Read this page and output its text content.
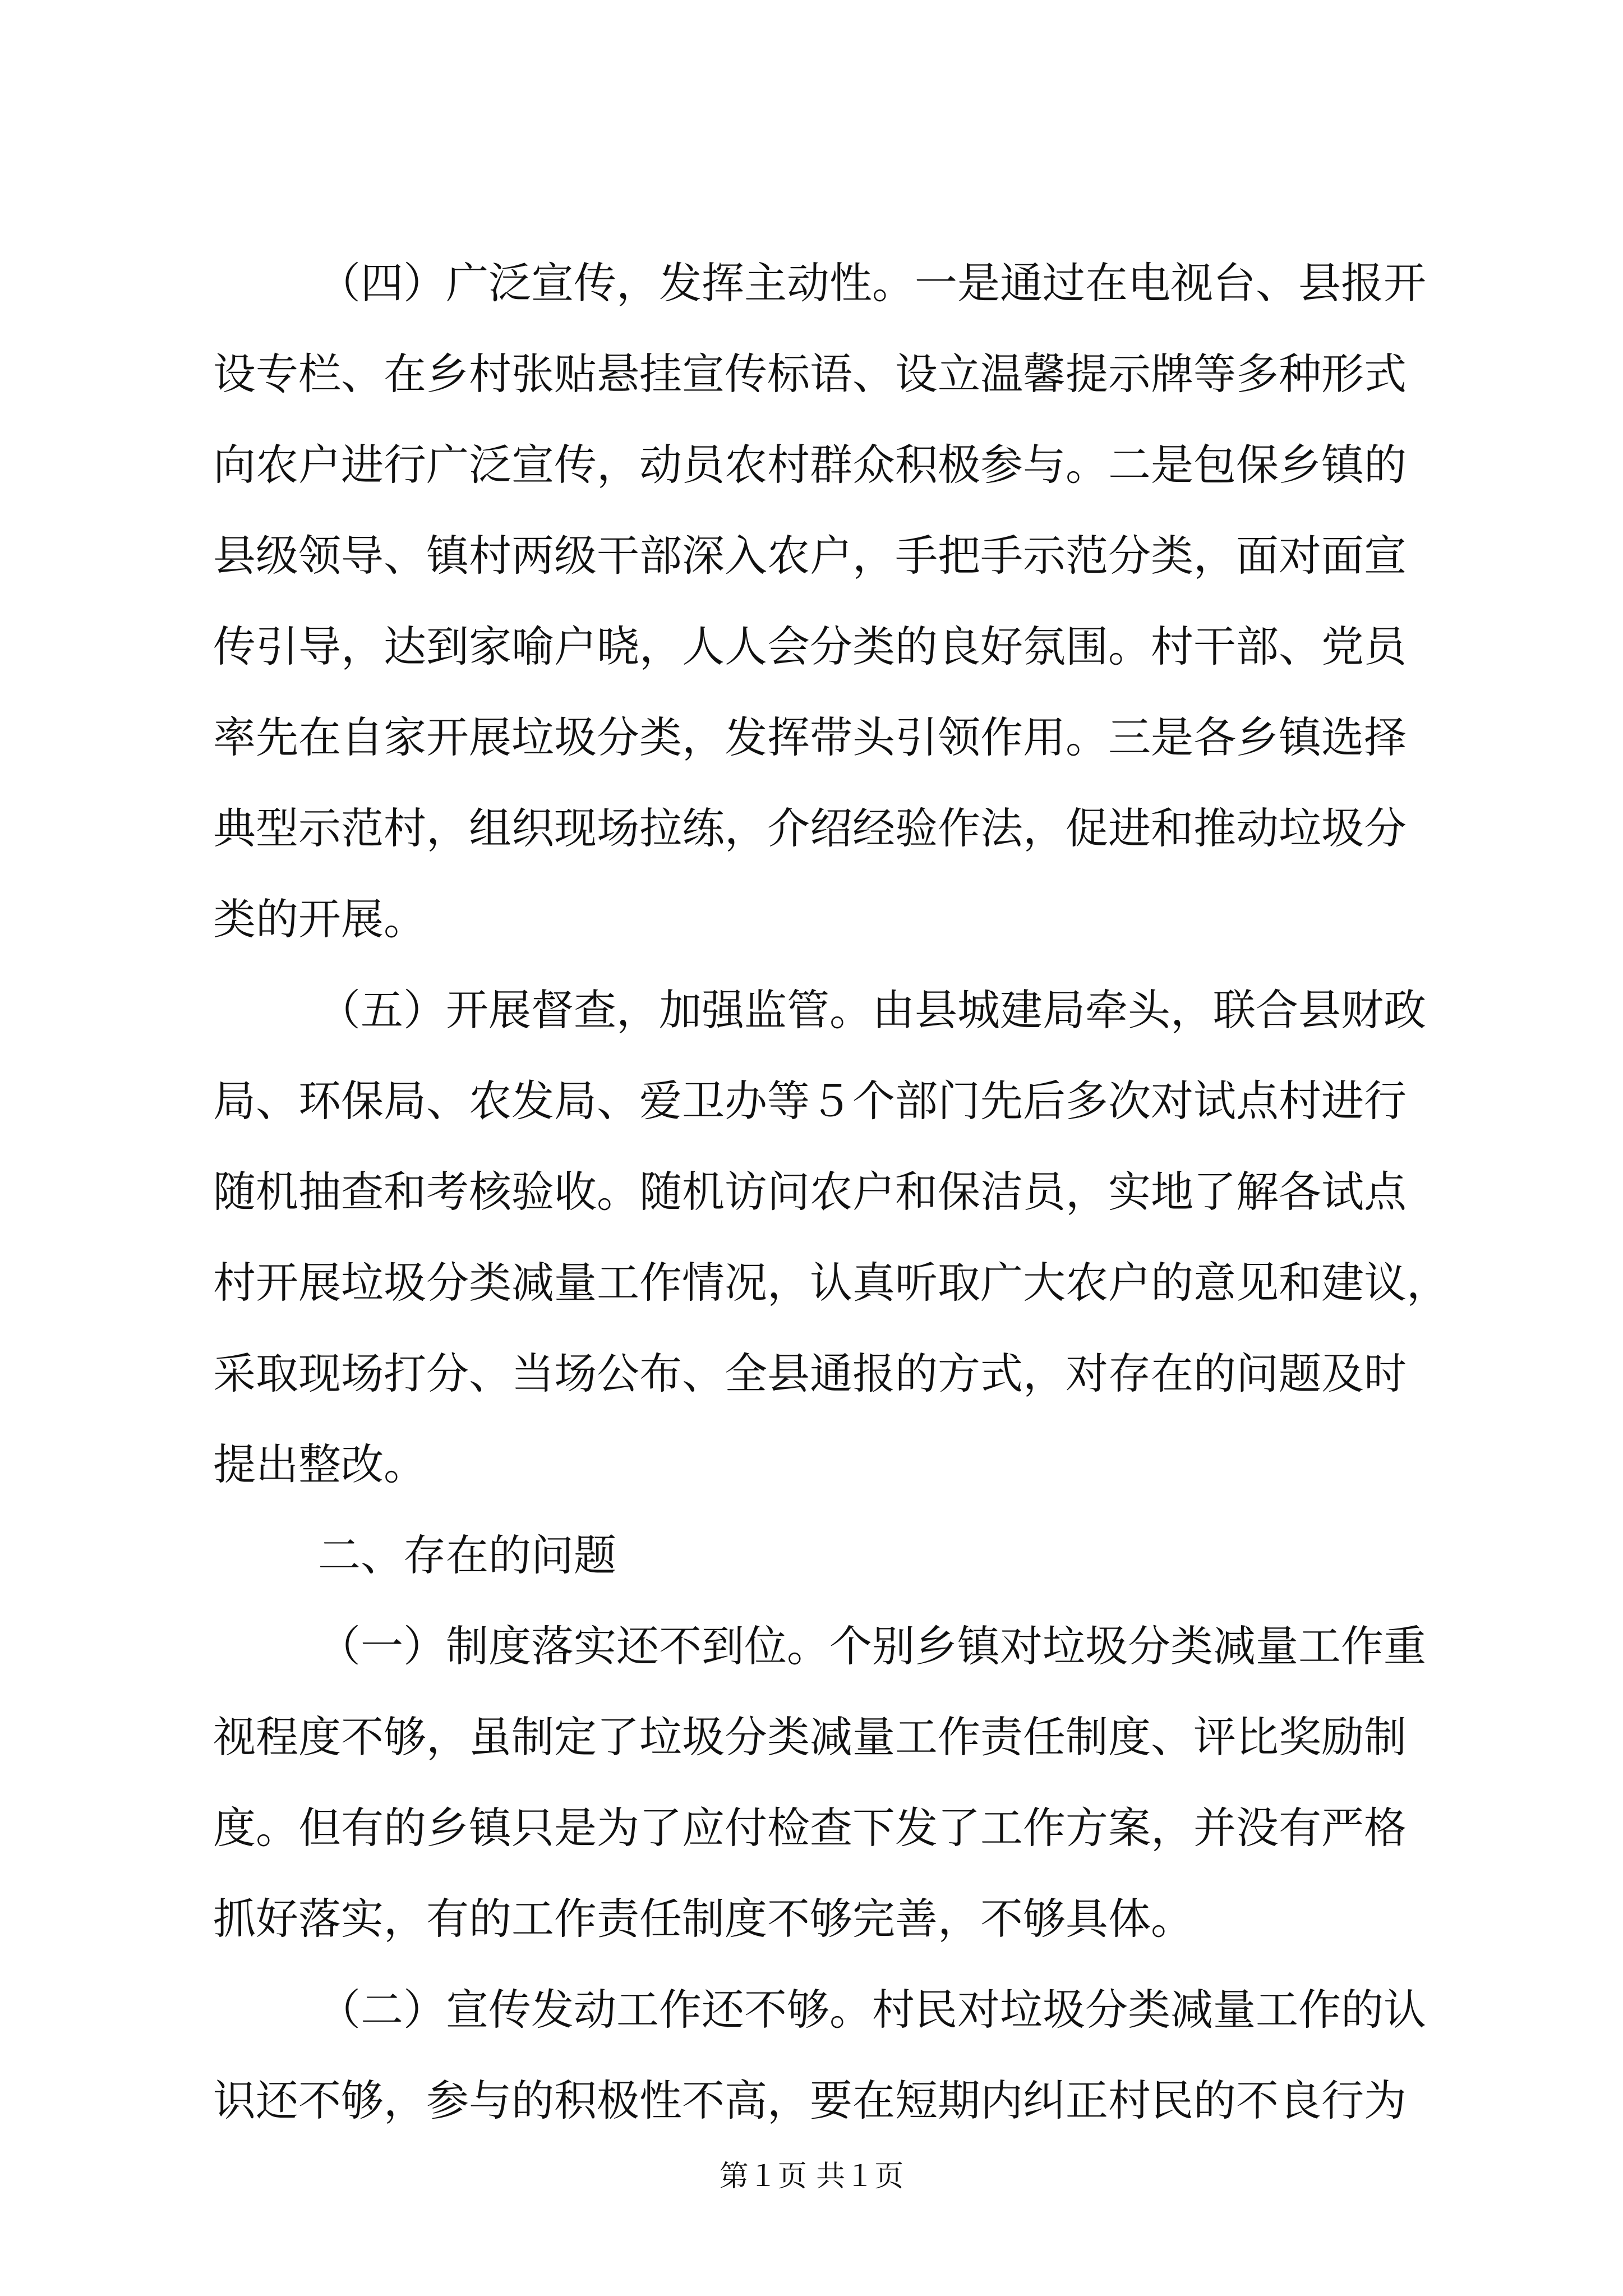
（四）广泛宣传，发挥主动性。一是通过在电视台、县报开
设专栏、在乡村张贴悬挂宣传标语、设立温馨提示牌等多种形式
向农户进行广泛宣传，动员农村群众积极参与。二是包保乡镇的
县级领导、镇村两级干部深入农户，手把手示范分类，面对面宣
传引导，达到家喻户晓，人人会分类的良好氛围。村干部、党员
率先在自家开展垃圾分类，发挥带头引领作用。三是各乡镇选择
典型示范村，组织现场拉练，介绍经验作法，促进和推动垃圾分
类的开展。
（五）开展督查，加强监管。由县城建局牵头，联合县财政
局、环保局、农发局、爱卫办等５个部门先后多次对试点村进行
随机抽查和考核验收。随机访问农户和保洁员，实地了解各试点
村开展垃圾分类减量工作情况，认真听取广大农户的意见和建议，
采取现场打分、当场公布、全县通报的方式，对存在的问题及时
提出整改。
二、存在的问题
（一）制度落实还不到位。个别乡镇对垃圾分类减量工作重
视程度不够，虽制定了垃圾分类减量工作责任制度、评比奖励制
度。但有的乡镇只是为了应付检查下发了工作方案，并没有严格
抓好落实，有的工作责任制度不够完善，不够具体。
（二）宣传发动工作还不够。村民对垃圾分类减量工作的认
识还不够，参与的积极性不高，要在短期内纠正村民的不良行为
第１页 共１页
